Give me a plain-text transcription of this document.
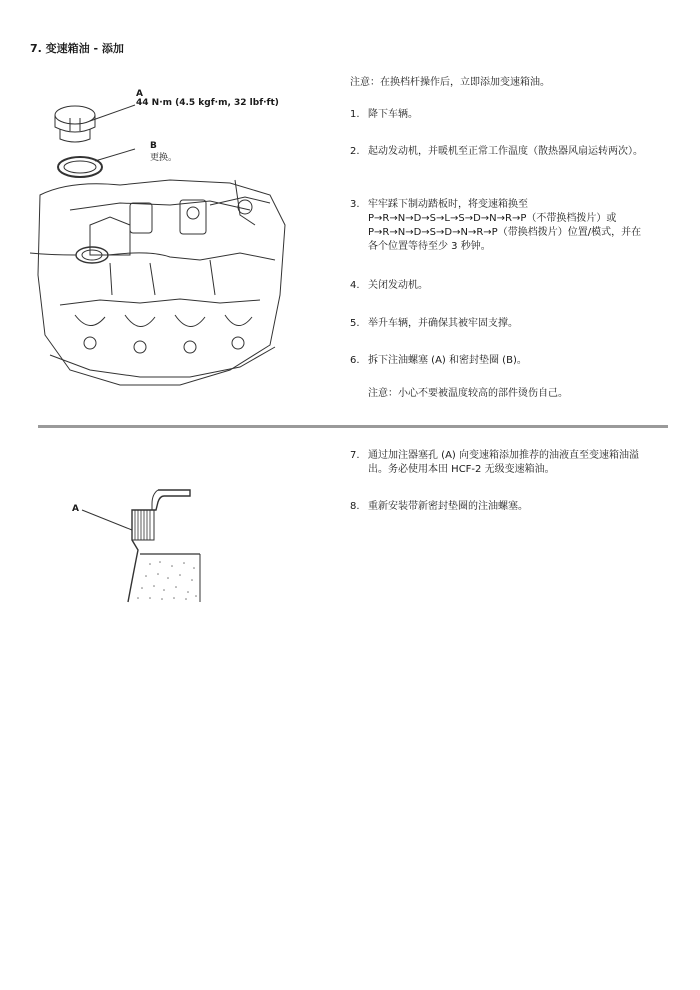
7. 变速箱油 - 添加
注意：在换档杆操作后，立即添加变速箱油。
1. 降下车辆。
2. 起动发动机，并暖机至正常工作温度（散热器风扇运转两次）。
3. 牢牢踩下制动踏板时，将变速箱换至 P→R→N→D→S→L→S→D→N→R→P（不带换档拨片）或 P→R→N→D→S→D→N→R→P（带换档拨片）位置/模式，并在各个位置等待至少 3 秒钟。
4. 关闭发动机。
5. 举升车辆，并确保其被牢固支撑。
6. 拆下注油螺塞 (A) 和密封垫圈 (B)。
注意：小心不要被温度较高的部件烫伤自己。
7. 通过加注器塞孔 (A) 向变速箱添加推荐的油液直至变速箱油溢出。务必使用本田 HCF-2 无级变速箱油。
8. 重新安装带新密封垫圈的注油螺塞。
A
44 N·m (4.5 kgf·m, 32 lbf·ft)
B
更换。
A
